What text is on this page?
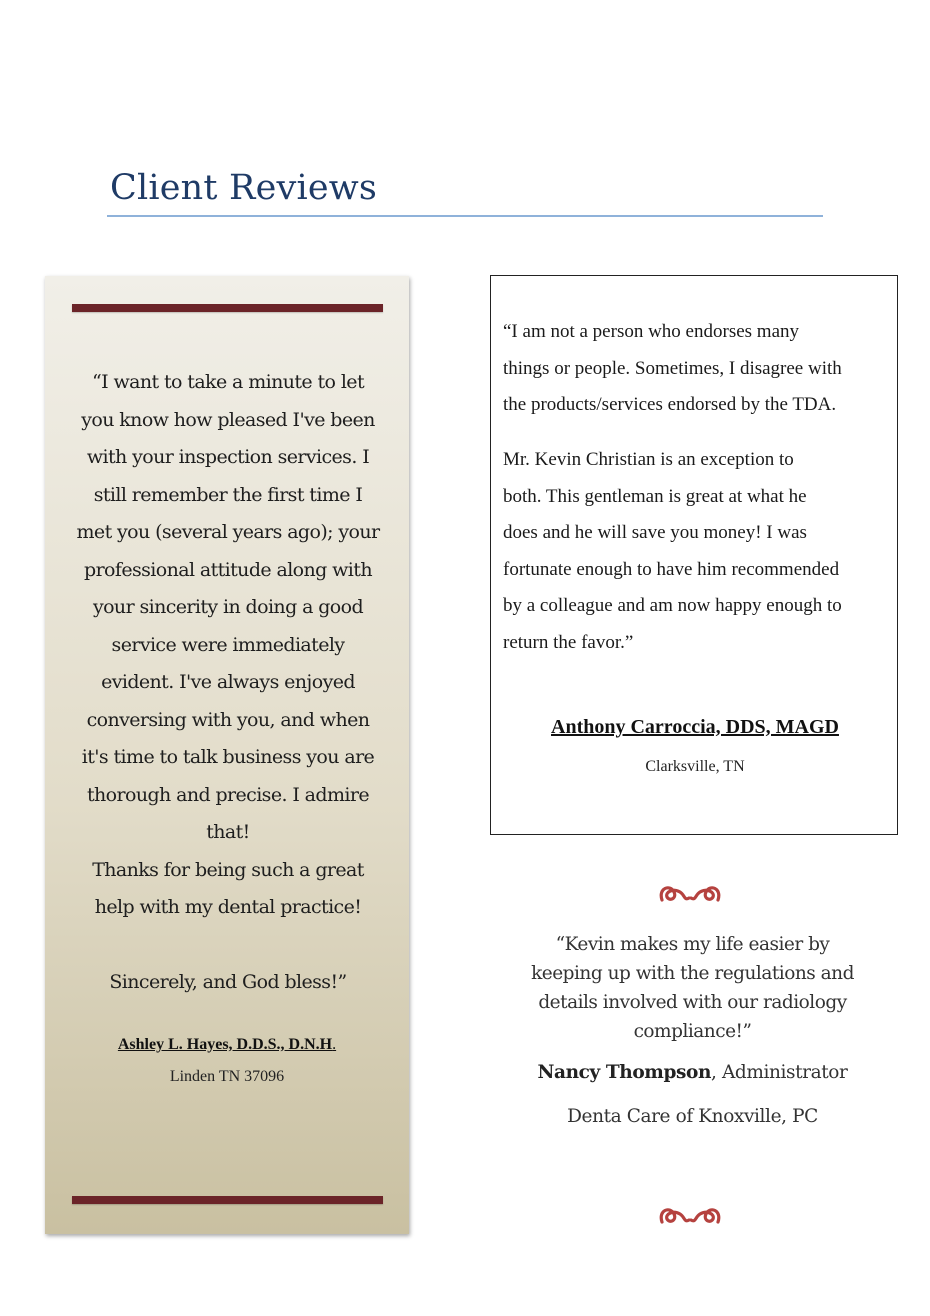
Client Reviews
“I want to take a minute to let
you know how pleased I've been
with your inspection services. I
still remember the first time I
met you (several years ago); your
professional attitude along with
your sincerity in doing a good
service were immediately
evident. I've always enjoyed
conversing with you, and when
it's time to talk business you are
thorough and precise. I admire
that!
Thanks for being such a great
help with my dental practice!

Sincerely, and God bless!”
Ashley L. Hayes, D.D.S., D.N.H.
Linden TN 37096
“I am not a person who endorses many
things or people. Sometimes, I disagree with
the products/services endorsed by the TDA.
Mr. Kevin Christian is an exception to
both. This gentleman is great at what he
does and he will save you money! I was
fortunate enough to have him recommended
by a colleague and am now happy enough to
return the favor.”
Anthony Carroccia, DDS, MAGD
Clarksville, TN
“Kevin makes my life easier by
keeping up with the regulations and
details involved with our radiology
compliance!”
Nancy Thompson, Administrator
Denta Care of Knoxville, PC
